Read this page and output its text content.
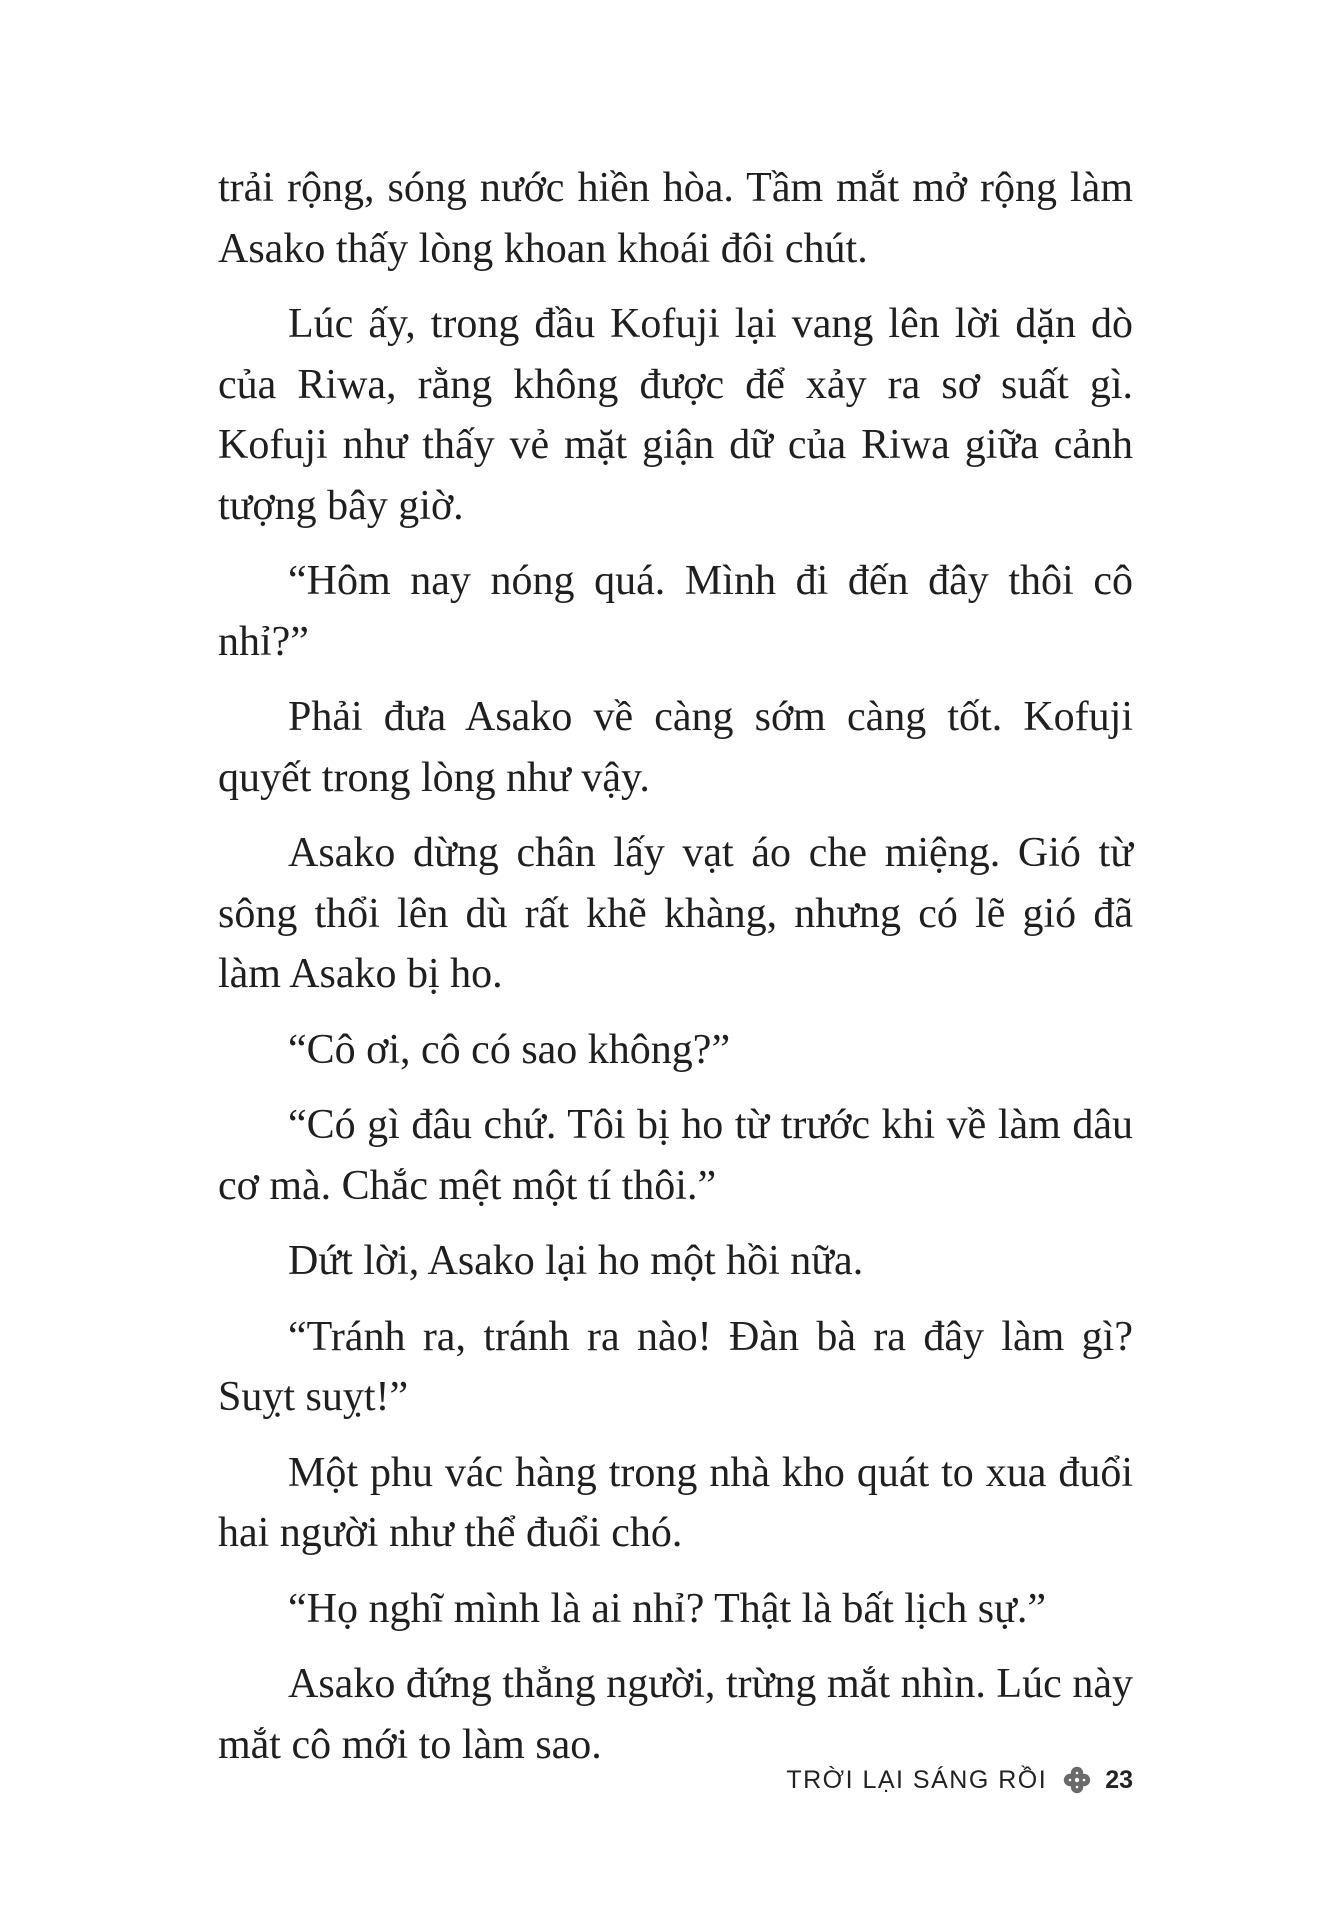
trải rộng, sóng nước hiền hòa. Tầm mắt mở rộng làm Asako thấy lòng khoan khoái đôi chút.

Lúc ấy, trong đầu Kofuji lại vang lên lời dặn dò của Riwa, rằng không được để xảy ra sơ suất gì. Kofuji như thấy vẻ mặt giận dữ của Riwa giữa cảnh tượng bây giờ.

“Hôm nay nóng quá. Mình đi đến đây thôi cô nhỉ?”

Phải đưa Asako về càng sớm càng tốt. Kofuji quyết trong lòng như vậy.

Asako dừng chân lấy vạt áo che miệng. Gió từ sông thổi lên dù rất khẽ khàng, nhưng có lẽ gió đã làm Asako bị ho.

“Cô ơi, cô có sao không?”

“Có gì đâu chứ. Tôi bị ho từ trước khi về làm dâu cơ mà. Chắc mệt một tí thôi.”

Dứt lời, Asako lại ho một hồi nữa.

“Tránh ra, tránh ra nào! Đàn bà ra đây làm gì? Suỵt suỵt!”

Một phu vác hàng trong nhà kho quát to xua đuổi hai người như thể đuổi chó.

“Họ nghĩ mình là ai nhỉ? Thật là bất lịch sự.”

Asako đứng thẳng người, trừng mắt nhìn. Lúc này mắt cô mới to làm sao.

TRỜI LẠI SÁNG RỒI 23
